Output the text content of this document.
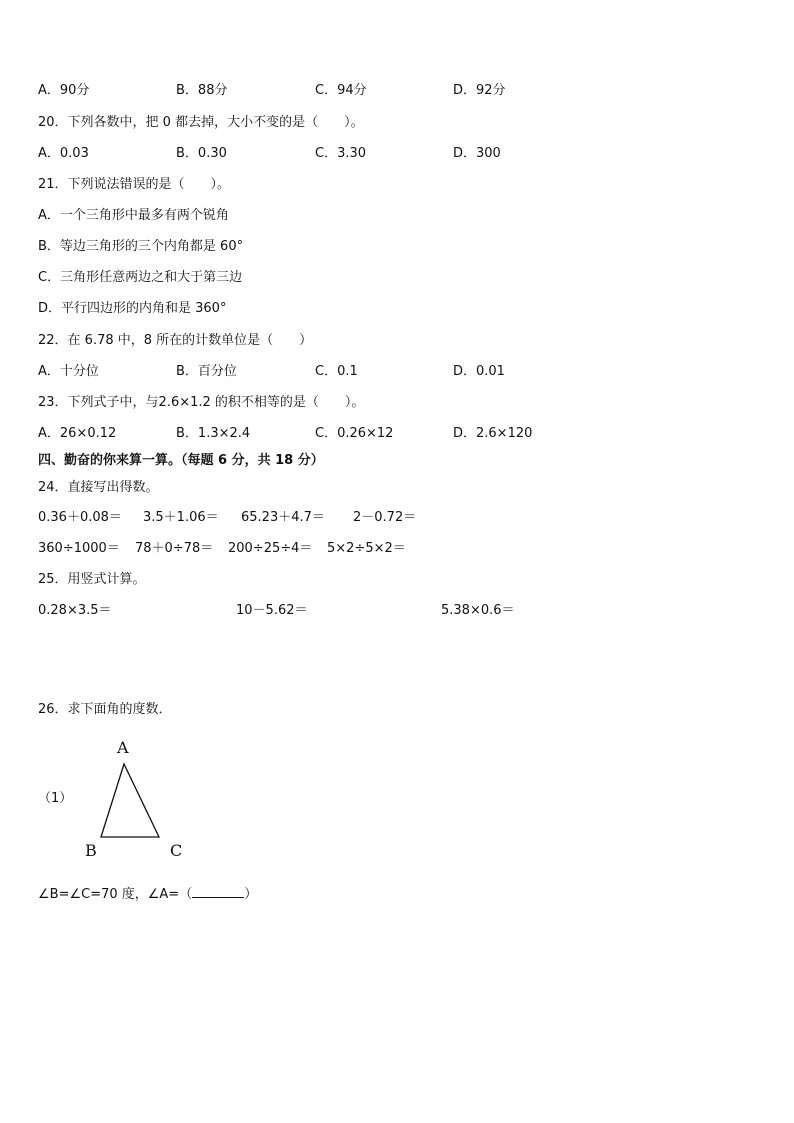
A．90分	B．88分	C．94分	D．92分
20．下列各数中，把 0 都去掉，大小不变的是（　　）。
A．0.03	B．0.30	C．3.30	D．300
21．下列说法错误的是（　　）。
A．一个三角形中最多有两个锐角
B．等边三角形的三个内角都是 60°
C．三角形任意两边之和大于第三边
D．平行四边形的内角和是 360°
22．在 6.78 中，8 所在的计数单位是（　　）
A．十分位	B．百分位	C．0.1	D．0.01
23．下列式子中，与2.6×1.2 的积不相等的是（　　）。
A．26×0.12	B．1.3×2.4	C．0.26×12	D．2.6×120
四、勤奋的你来算一算。（每题 6 分，共 18 分）
24．直接写出得数。
0.36＋0.08＝ 3.5＋1.06＝ 65.23＋4.7＝ 2－0.72＝
360÷1000＝ 78＋0÷78＝ 200÷25÷4＝ 5×2÷5×2＝
25．用竖式计算。
0.28×3.5＝	10－5.62＝	5.38×0.6＝
26．求下面角的度数．
（1）
A
B	C
∠B=∠C=70 度，∠A=（	）
